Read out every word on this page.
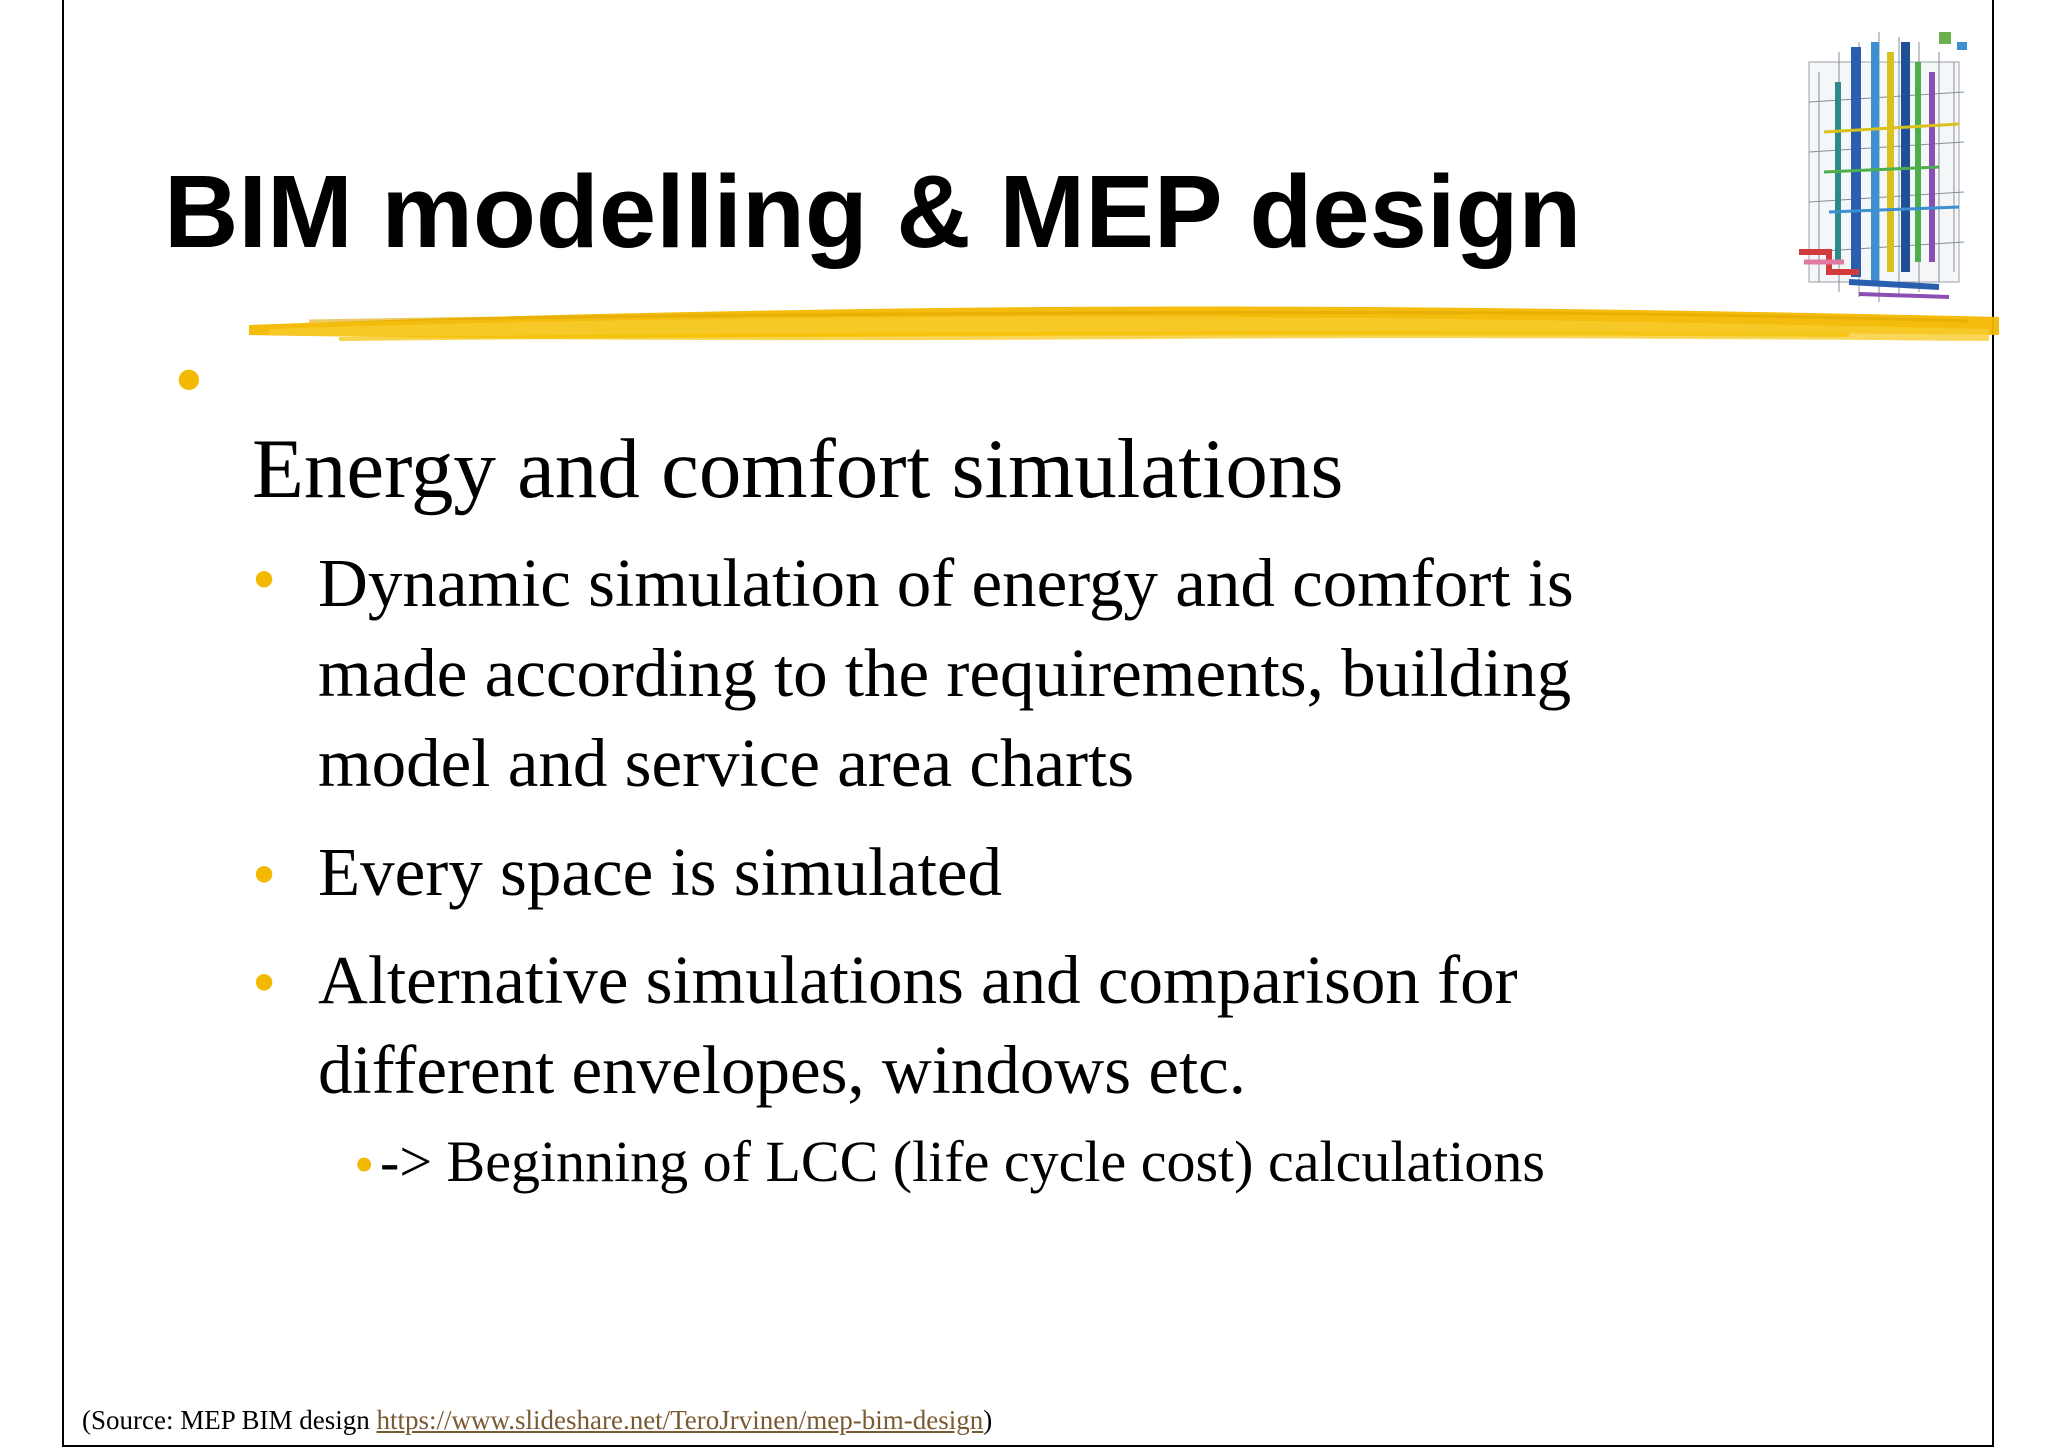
BIM modelling & MEP design
•

Energy and comfort simulations

• Dynamic simulation of energy and comfort is

made according to the requirements, building

model and service area charts

• Every space is simulated

• Alternative simulations and comparison for

different envelopes, windows etc.

• -> Beginning of LCC (life cycle cost) calculations

(Source: MEP BIM design https://www.slideshare.net/TeroJrvinen/mep-bim-design)
